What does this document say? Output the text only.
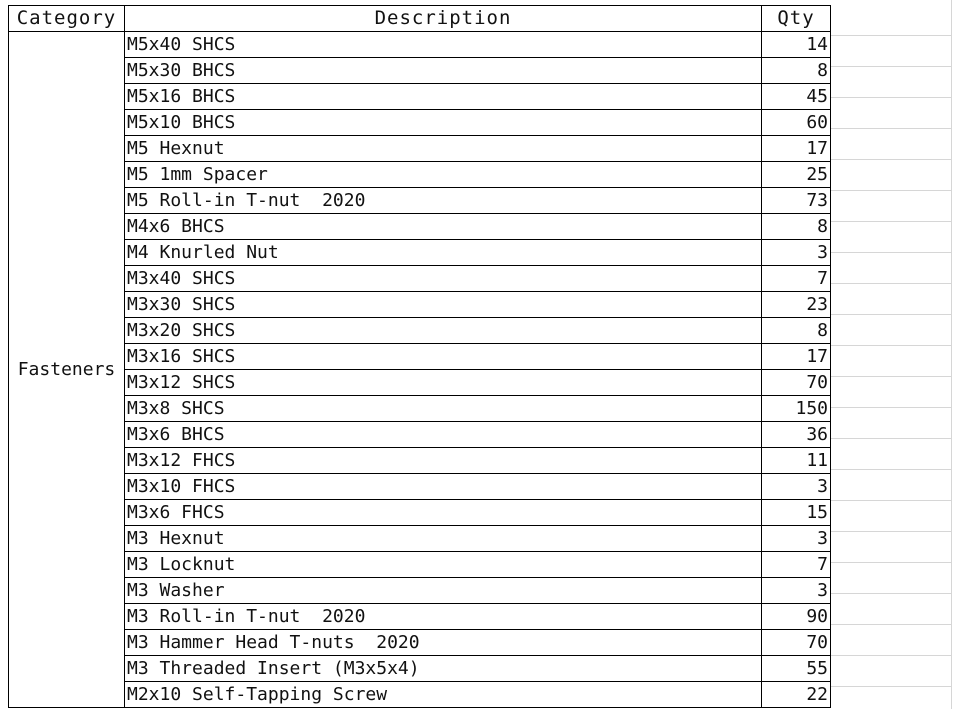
Category	Description	Qty
Fasteners	M5x40 SHCS	14
	M5x30 BHCS	8
	M5x16 BHCS	45
	M5x10 BHCS	60
	M5 Hexnut	17
	M5 1mm Spacer	25
	M5 Roll-in T-nut  2020	73
	M4x6 BHCS	8
	M4 Knurled Nut	3
	M3x40 SHCS	7
	M3x30 SHCS	23
	M3x20 SHCS	8
	M3x16 SHCS	17
	M3x12 SHCS	70
	M3x8 SHCS	150
	M3x6 BHCS	36
	M3x12 FHCS	11
	M3x10 FHCS	3
	M3x6 FHCS	15
	M3 Hexnut	3
	M3 Locknut	7
	M3 Washer	3
	M3 Roll-in T-nut  2020	90
	M3 Hammer Head T-nuts  2020	70
	M3 Threaded Insert (M3x5x4)	55
	M2x10 Self-Tapping Screw	22
